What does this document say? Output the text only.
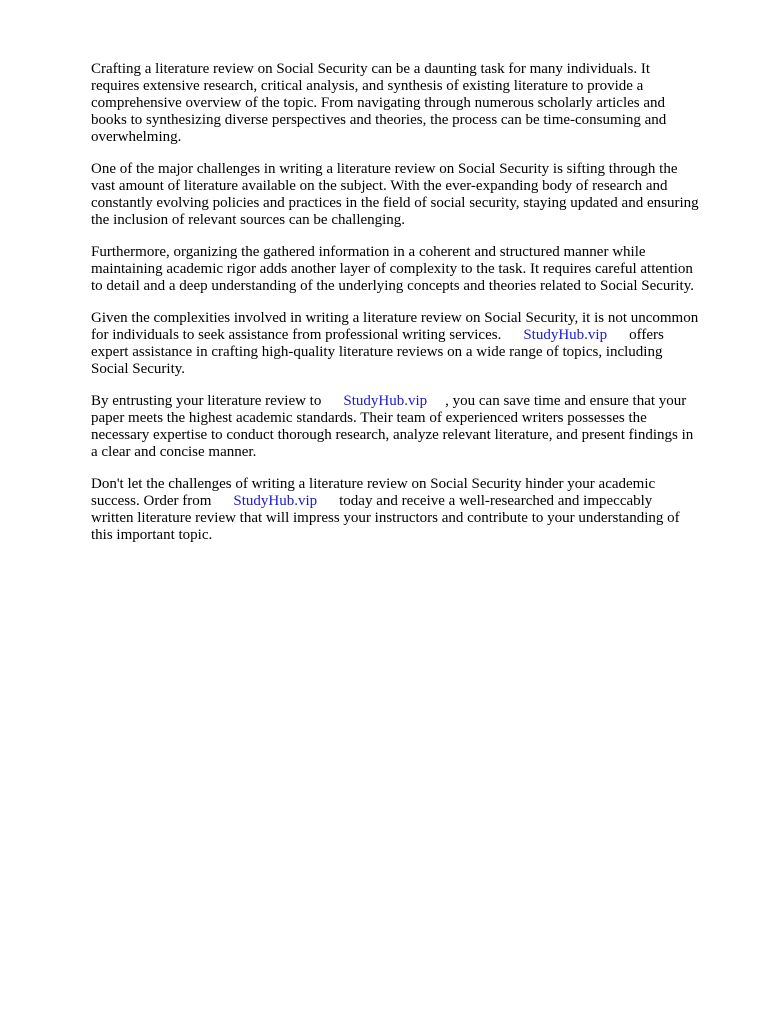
Crafting a literature review on Social Security can be a daunting task for many individuals. It
requires extensive research, critical analysis, and synthesis of existing literature to provide a
comprehensive overview of the topic. From navigating through numerous scholarly articles and
books to synthesizing diverse perspectives and theories, the process can be time-consuming and
overwhelming.

One of the major challenges in writing a literature review on Social Security is sifting through the
vast amount of literature available on the subject. With the ever-expanding body of research and
constantly evolving policies and practices in the field of social security, staying updated and ensuring
the inclusion of relevant sources can be challenging.

Furthermore, organizing the gathered information in a coherent and structured manner while
maintaining academic rigor adds another layer of complexity to the task. It requires careful attention
to detail and a deep understanding of the underlying concepts and theories related to Social Security.

Given the complexities involved in writing a literature review on Social Security, it is not uncommon
for individuals to seek assistance from professional writing services. StudyHub.vip offers
expert assistance in crafting high-quality literature reviews on a wide range of topics, including
Social Security.

By entrusting your literature review to StudyHub.vip , you can save time and ensure that your
paper meets the highest academic standards. Their team of experienced writers possesses the
necessary expertise to conduct thorough research, analyze relevant literature, and present findings in
a clear and concise manner.

Don't let the challenges of writing a literature review on Social Security hinder your academic
success. Order from StudyHub.vip today and receive a well-researched and impeccably
written literature review that will impress your instructors and contribute to your understanding of
this important topic.
